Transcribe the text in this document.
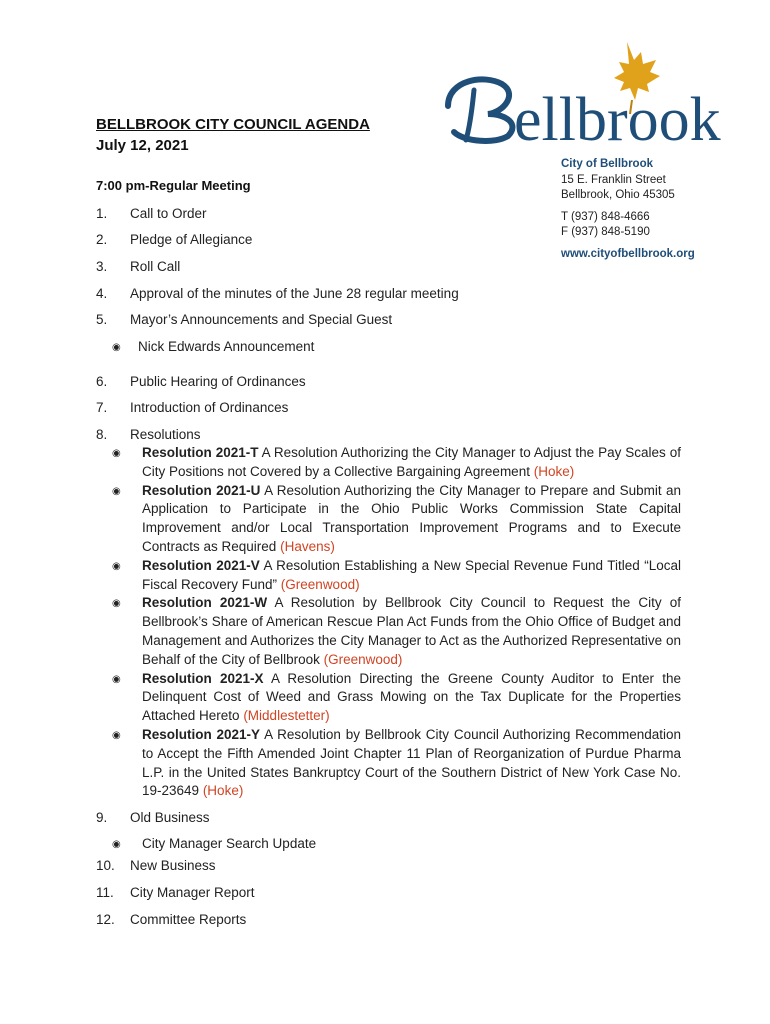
ellbrook
City of Bellbrook
15 E. Franklin Street
Bellbrook, Ohio 45305
T (937) 848-4666
F (937) 848-5190
www.cityofbellbrook.org
BELLBROOK CITY COUNCIL AGENDA
July 12, 2021
7:00 pm-Regular Meeting
1.	Call to Order
2.	Pledge of Allegiance
3.	Roll Call
4.	Approval of the minutes of the June 28 regular meeting
5.	Mayor’s Announcements and Special Guest
◉	Nick Edwards Announcement
6.	Public Hearing of Ordinances
7.	Introduction of Ordinances
8.	Resolutions
◉	Resolution 2021-T A Resolution Authorizing the City Manager to Adjust the Pay Scales of City Positions not Covered by a Collective Bargaining Agreement (Hoke)
◉	Resolution 2021-U A Resolution Authorizing the City Manager to Prepare and Submit an Application to Participate in the Ohio Public Works Commission State Capital Improvement and/or Local Transportation Improvement Programs and to Execute Contracts as Required (Havens)
◉	Resolution 2021-V A Resolution Establishing a New Special Revenue Fund Titled “Local Fiscal Recovery Fund” (Greenwood)
◉	Resolution 2021-W A Resolution by Bellbrook City Council to Request the City of Bellbrook’s Share of American Rescue Plan Act Funds from the Ohio Office of Budget and Management and Authorizes the City Manager to Act as the Authorized Representative on Behalf of the City of Bellbrook (Greenwood)
◉	Resolution 2021-X A Resolution Directing the Greene County Auditor to Enter the Delinquent Cost of Weed and Grass Mowing on the Tax Duplicate for the Properties Attached Hereto (Middlestetter)
◉	Resolution 2021-Y A Resolution by Bellbrook City Council Authorizing Recommendation to Accept the Fifth Amended Joint Chapter 11 Plan of Reorganization of Purdue Pharma L.P. in the United States Bankruptcy Court of the Southern District of New York Case No. 19-23649 (Hoke)
9.	Old Business
◉	City Manager Search Update
10.	New Business
11.	City Manager Report
12.	Committee Reports
